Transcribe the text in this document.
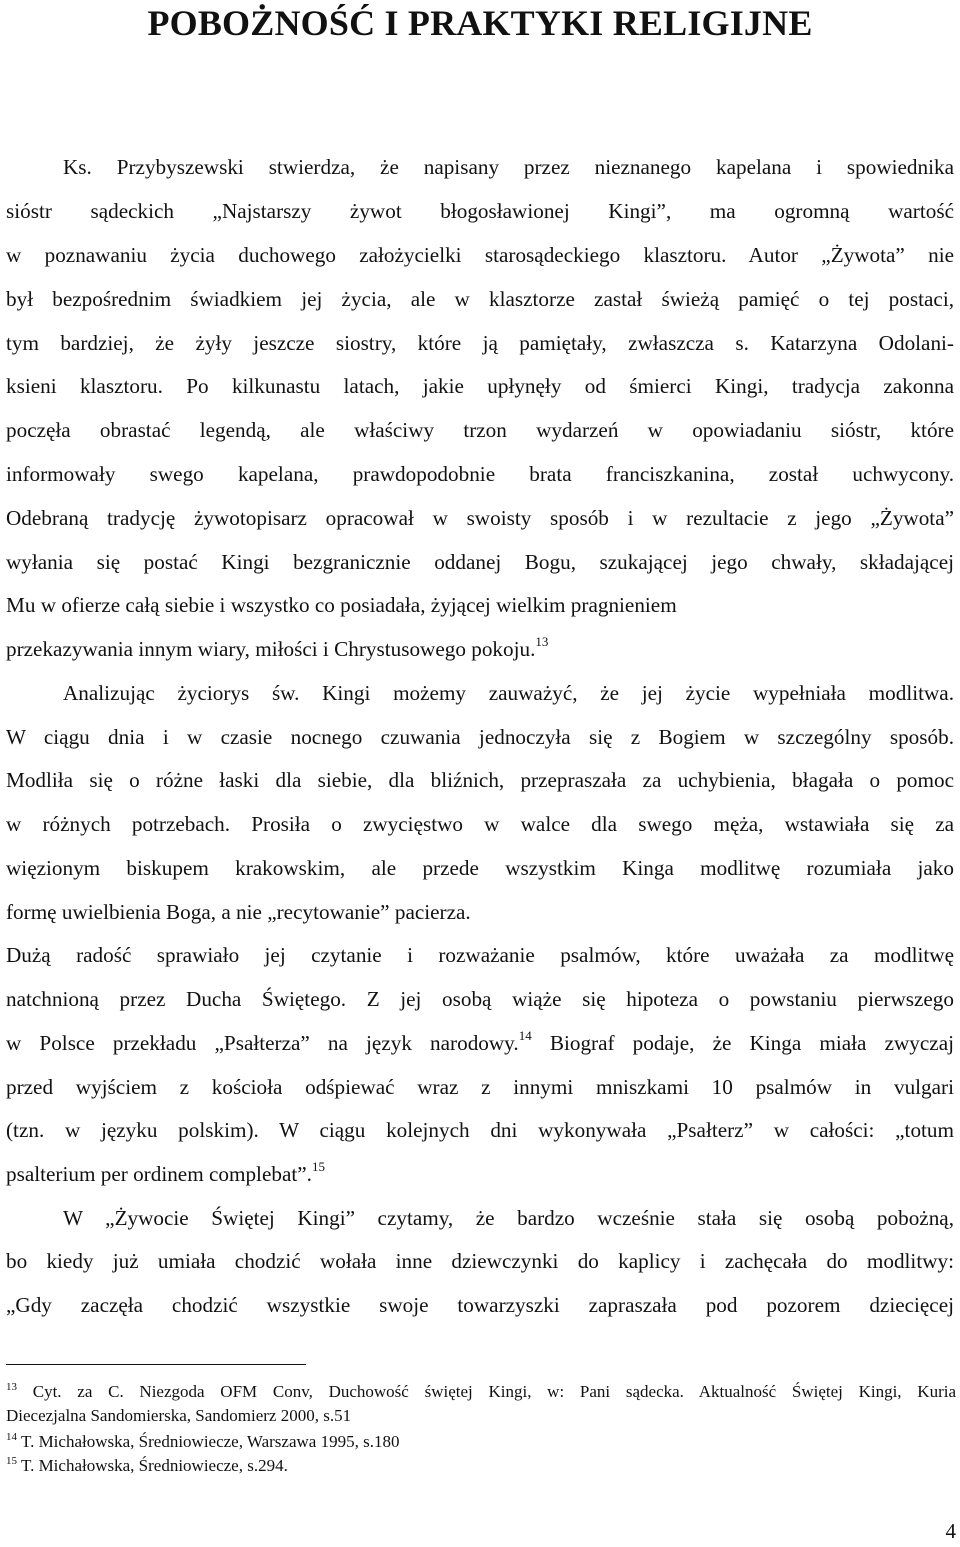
POBOŻNOŚĆ I PRAKTYKI RELIGIJNE
Ks. Przybyszewski stwierdza, że napisany przez nieznanego kapelana i spowiednika
sióstr sądeckich „Najstarszy żywot błogosławionej Kingi”, ma ogromną wartość
w poznawaniu życia duchowego założycielki starosądeckiego klasztoru. Autor „Żywota” nie
był bezpośrednim świadkiem jej życia, ale w klasztorze zastał świeżą pamięć o tej postaci,
tym bardziej, że żyły jeszcze siostry, które ją pamiętały, zwłaszcza s. Katarzyna Odolani-
ksieni klasztoru. Po kilkunastu latach, jakie upłynęły od śmierci Kingi, tradycja zakonna
poczęła obrastać legendą, ale właściwy trzon wydarzeń w opowiadaniu sióstr, które
informowały swego kapelana, prawdopodobnie brata franciszkanina, został uchwycony.
Odebraną tradycję żywotopisarz opracował w swoisty sposób i w rezultacie z jego „Żywota”
wyłania się postać Kingi bezgranicznie oddanej Bogu, szukającej jego chwały, składającej
Mu w ofierze całą siebie i wszystko co posiadała, żyjącej wielkim pragnieniem
przekazywania innym wiary, miłości i Chrystusowego pokoju.$^{13}$
Analizując życiorys św. Kingi możemy zauważyć, że jej życie wypełniała modlitwa.
W ciągu dnia i w czasie nocnego czuwania jednoczyła się z Bogiem w szczególny sposób.
Modliła się o różne łaski dla siebie, dla bliźnich, przepraszała za uchybienia, błagała o pomoc
w różnych potrzebach. Prosiła o zwycięstwo w walce dla swego męża, wstawiała się za
więzionym biskupem krakowskim, ale przede wszystkim Kinga modlitwę rozumiała jako
formę uwielbienia Boga, a nie „recytowanie” pacierza.
Dużą radość sprawiało jej czytanie i rozważanie psalmów, które uważała za modlitwę
natchnioną przez Ducha Świętego. Z jej osobą wiąże się hipoteza o powstaniu pierwszego
w Polsce przekładu „Psałterza” na język narodowy.$^{14}$ Biograf podaje, że Kinga miała zwyczaj
przed wyjściem z kościoła odśpiewać wraz z innymi mniszkami 10 psalmów in vulgari
(tzn. w języku polskim). W ciągu kolejnych dni wykonywała „Psałterz” w całości: „totum
psalterium per ordinem complebat”.$^{15}$
W „Żywocie Świętej Kingi” czytamy, że bardzo wcześnie stała się osobą pobożną,
bo kiedy już umiała chodzić wołała inne dziewczynki do kaplicy i zachęcała do modlitwy:
„Gdy zaczęła chodzić wszystkie swoje towarzyszki zapraszała pod pozorem dziecięcej
$^{13}$ Cyt. za C. Niezgoda OFM Conv, Duchowość świętej Kingi, w: Pani sądecka. Aktualność Świętej Kingi, Kuria
Diecezjalna Sandomierska, Sandomierz 2000, s.51
$^{14}$ T. Michałowska, Średniowiecze, Warszawa 1995, s.180
$^{15}$ T. Michałowska, Średniowiecze, s.294.
4
